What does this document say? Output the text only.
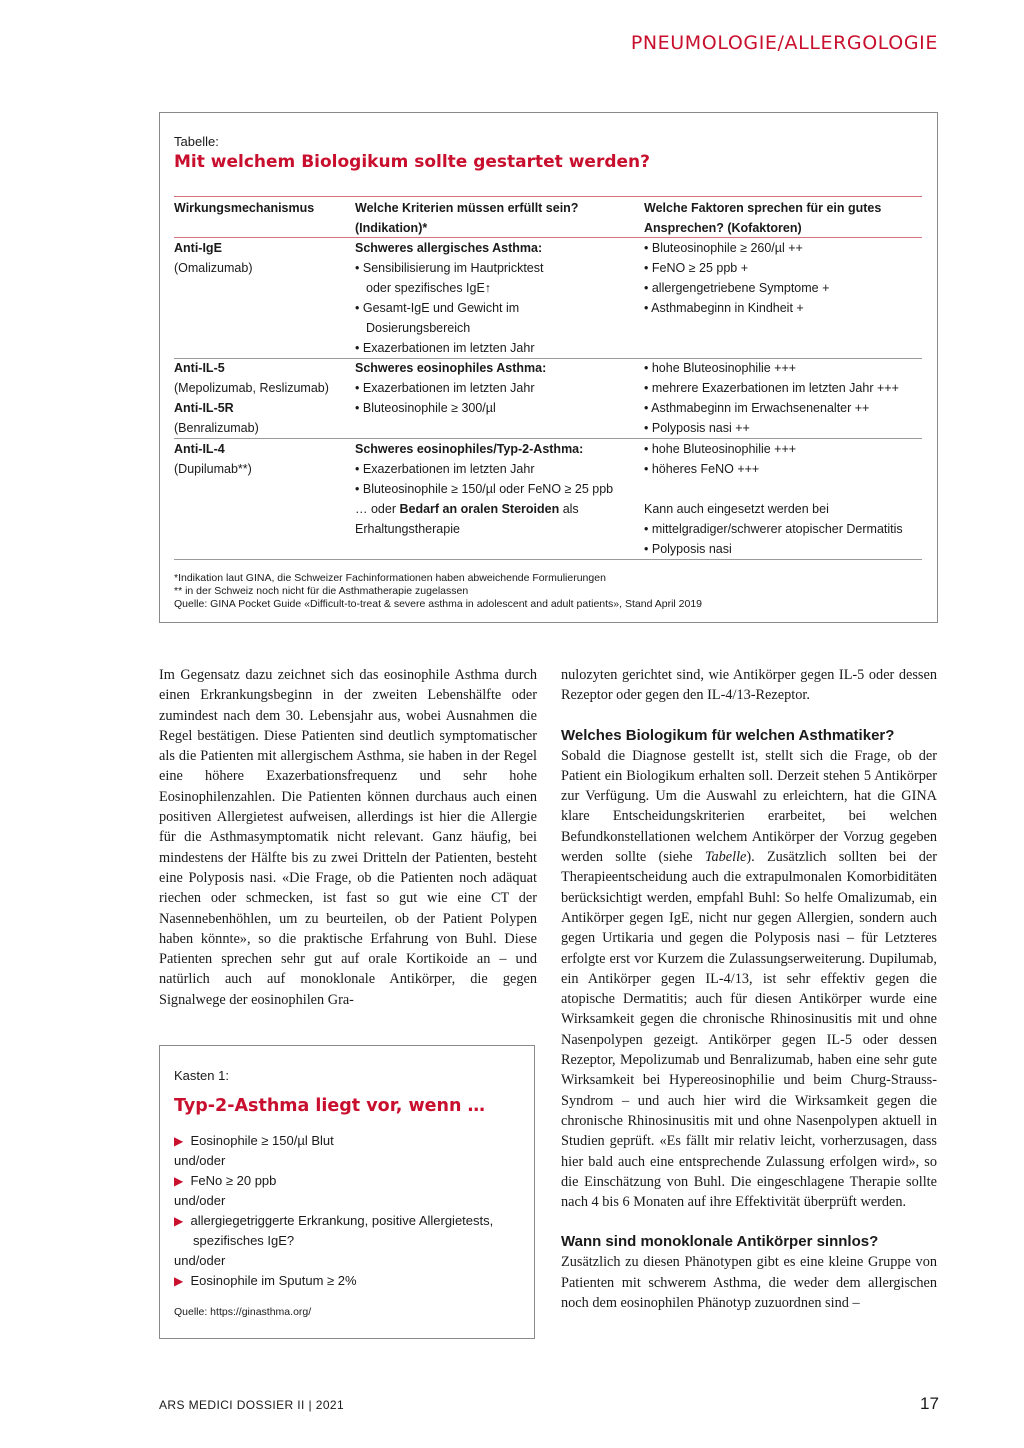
PNEUMOLOGIE/ALLERGOLOGIE
Tabelle:
Mit welchem Biologikum sollte gestartet werden?
Wirkungsmechanismus	Welche Kriterien müssen erfüllt sein?
(Indikation)*
Welche Faktoren sprechen für ein gutes
Ansprechen? (Kofaktoren)
Anti-IgE
(Omalizumab)
Schweres allergisches Asthma:
• Sensibilisierung im Hautpricktest
oder spezifisches IgE↑
• Gesamt-IgE und Gewicht im
Dosierungsbereich
• Exazerbationen im letzten Jahr
• Bluteosinophile ≥ 260/µl ++
• FeNO ≥ 25 ppb +
• allergengetriebene Symptome +
• Asthmabeginn in Kindheit +
Anti-IL-5
(Mepolizumab, Reslizumab)
Anti-IL-5R
(Benralizumab)
Schweres eosinophiles Asthma:
• Exazerbationen im letzten Jahr
• Bluteosinophile ≥ 300/µl
• hohe Bluteosinophilie +++
• mehrere Exazerbationen im letzten Jahr +++
• Asthmabeginn im Erwachsenenalter ++
• Polyposis nasi ++
Anti-IL-4
(Dupilumab**)
Schweres eosinophiles/Typ-2-Asthma:
• Exazerbationen im letzten Jahr
• Bluteosinophile ≥ 150/µl oder FeNO ≥ 25 ppb
… oder Bedarf an oralen Steroiden als
Erhaltungstherapie
• hohe Bluteosinophilie +++
• höheres FeNO +++

Kann auch eingesetzt werden bei
• mittelgradiger/schwerer atopischer Dermatitis
• Polyposis nasi
*Indikation laut GINA, die Schweizer Fachinformationen haben abweichende Formulierungen
** in der Schweiz noch nicht für die Asthmatherapie zugelassen
Quelle: GINA Pocket Guide «Difficult-to-treat & severe asthma in adolescent and adult patients», Stand April 2019

Im Gegensatz dazu zeichnet sich das eosinophile Asthma durch einen Erkrankungsbeginn in der zweiten Lebenshälfte oder zumindest nach dem 30. Lebensjahr aus, wobei Ausnahmen die Regel bestätigen. Diese Patienten sind deutlich symptomatischer als die Patienten mit allergischem Asthma, sie haben in der Regel eine höhere Exazerbationsfrequenz und sehr hohe Eosinophilenzahlen. Die Patienten können durchaus auch einen positiven Allergietest aufweisen, allerdings ist hier die Allergie für die Asthmasymptomatik nicht relevant. Ganz häufig, bei mindestens der Hälfte bis zu zwei Dritteln der Patienten, besteht eine Polyposis nasi. «Die Frage, ob die Patienten noch adäquat riechen oder schmecken, ist fast so gut wie eine CT der Nasennebenhöhlen, um zu beurteilen, ob der Patient Polypen haben könnte», so die praktische Erfahrung von Buhl. Diese Patienten sprechen sehr gut auf orale Kortikoide an – und natürlich auch auf monoklonale Antikörper, die gegen Signalwege der eosinophilen Gra-

Kasten 1:
Typ-2-Asthma liegt vor, wenn …
▶ Eosinophile ≥ 150/µl Blut
und/oder
▶ FeNo ≥ 20 ppb
und/oder
▶ allergiegetriggerte Erkrankung, positive Allergietests,
spezifisches IgE?
und/oder
▶ Eosinophile im Sputum ≥ 2%
Quelle: https://ginasthma.org/

nulozyten gerichtet sind, wie Antikörper gegen IL-5 oder dessen Rezeptor oder gegen den IL-4/13-Rezeptor.

Welches Biologikum für welchen Asthmatiker?

Sobald die Diagnose gestellt ist, stellt sich die Frage, ob der Patient ein Biologikum erhalten soll. Derzeit stehen 5 Antikörper zur Verfügung. Um die Auswahl zu erleichtern, hat die GINA klare Entscheidungskriterien erarbeitet, bei welchen Befundkonstellationen welchem Antikörper der Vorzug gegeben werden sollte (siehe Tabelle). Zusätzlich sollten bei der Therapieentscheidung auch die extrapulmonalen Komorbiditäten berücksichtigt werden, empfahl Buhl: So helfe Omalizumab, ein Antikörper gegen IgE, nicht nur gegen Allergien, sondern auch gegen Urtikaria und gegen die Polyposis nasi – für Letzteres erfolgte erst vor Kurzem die Zulassungserweiterung. Dupilumab, ein Antikörper gegen IL-4/13, ist sehr effektiv gegen die atopische Dermatitis; auch für diesen Antikörper wurde eine Wirksamkeit gegen die chronische Rhinosinusitis mit und ohne Nasenpolypen gezeigt. Antikörper gegen IL-5 oder dessen Rezeptor, Mepolizumab und Benralizumab, haben eine sehr gute Wirksamkeit bei Hypereosinophilie und beim Churg-Strauss-Syndrom – und auch hier wird die Wirksamkeit gegen die chronische Rhinosinusitis mit und ohne Nasenpolypen aktuell in Studien geprüft. «Es fällt mir relativ leicht, vorherzusagen, dass hier bald auch eine entsprechende Zulassung erfolgen wird», so die Einschätzung von Buhl. Die eingeschlagene Therapie sollte nach 4 bis 6 Monaten auf ihre Effektivität überprüft werden.

Wann sind monoklonale Antikörper sinnlos?

Zusätzlich zu diesen Phänotypen gibt es eine kleine Gruppe von Patienten mit schwerem Asthma, die weder dem allergischen noch dem eosinophilen Phänotyp zuzuordnen sind –

ARS MEDICI DOSSIER II | 2021	17
